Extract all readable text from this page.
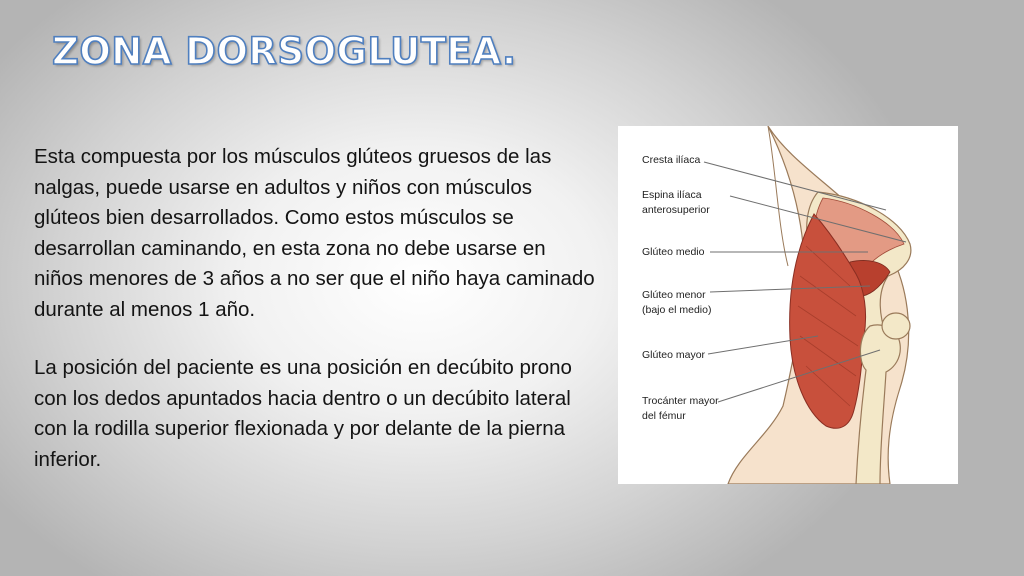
ZONA DORSOGLUTEA.

Esta compuesta por los músculos glúteos gruesos de las nalgas, puede usarse en adultos y niños con músculos glúteos bien desarrollados. Como estos músculos se desarrollan caminando, en esta zona no debe usarse en niños menores de 3 años a no ser que el niño haya caminado durante al menos 1 año.

La posición del paciente es una posición en decúbito prono con los dedos apuntados hacia dentro o un decúbito lateral con la rodilla superior flexionada y por delante de la pierna inferior.

Cresta ilíaca
Espina ilíaca
anterosuperior
Glúteo medio
Glúteo menor
(bajo el medio)
Glúteo mayor
Trocánter mayor
del fémur
